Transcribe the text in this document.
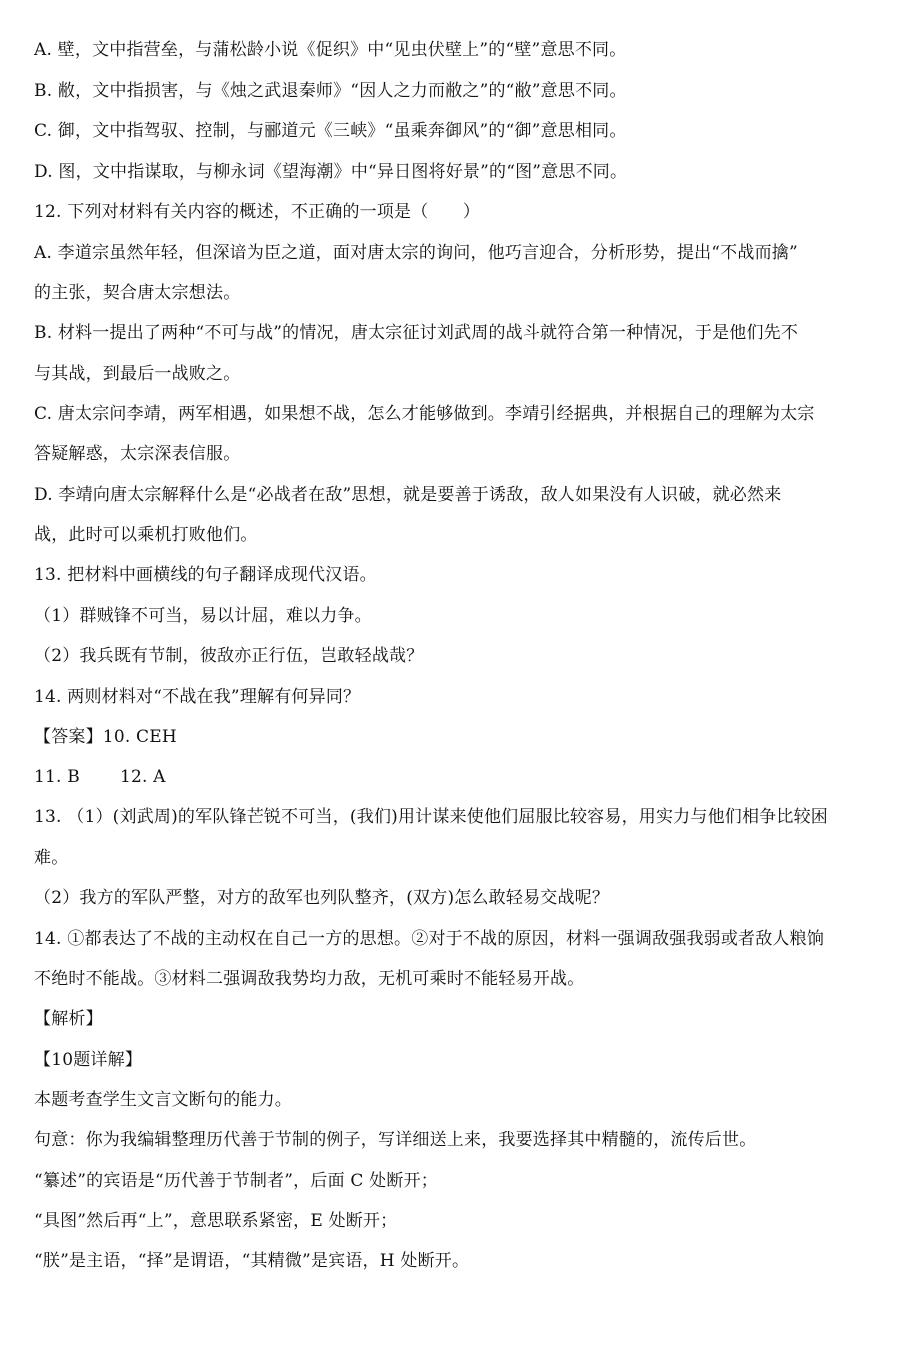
A. 壁，文中指营垒，与蒲松龄小说《促织》中“见虫伏壁上”的“壁”意思不同。
B. 敝，文中指损害，与《烛之武退秦师》“因人之力而敝之”的“敝”意思不同。
C. 御，文中指驾驭、控制，与郦道元《三峡》“虽乘奔御风”的“御”意思相同。
D. 图，文中指谋取，与柳永词《望海潮》中“异日图将好景”的“图”意思不同。
12. 下列对材料有关内容的概述，不正确的一项是（　　）
A. 李道宗虽然年轻，但深谙为臣之道，面对唐太宗的询问，他巧言迎合，分析形势，提出“不战而擒”
的主张，契合唐太宗想法。
B. 材料一提出了两种“不可与战”的情况，唐太宗征讨刘武周的战斗就符合第一种情况，于是他们先不
与其战，到最后一战败之。
C. 唐太宗问李靖，两军相遇，如果想不战，怎么才能够做到。李靖引经据典，并根据自己的理解为太宗
答疑解惑，太宗深表信服。
D. 李靖向唐太宗解释什么是“必战者在敌”思想，就是要善于诱敌，敌人如果没有人识破，就必然来
战，此时可以乘机打败他们。
13. 把材料中画横线的句子翻译成现代汉语。
（1）群贼锋不可当，易以计屈，难以力争。
（2）我兵既有节制，彼敌亦正行伍，岂敢轻战哉？
14. 两则材料对“不战在我”理解有何异同？
【答案】10. CEH
11. B 12. A
13. （1）(刘武周)的军队锋芒锐不可当，(我们)用计谋来使他们屈服比较容易，用实力与他们相争比较困
难。
（2）我方的军队严整，对方的敌军也列队整齐，(双方)怎么敢轻易交战呢？
14. ①都表达了不战的主动权在自己一方的思想。②对于不战的原因，材料一强调敌强我弱或者敌人粮饷
不绝时不能战。③材料二强调敌我势均力敌，无机可乘时不能轻易开战。
【解析】
【10题详解】
本题考查学生文言文断句的能力。
句意：你为我编辑整理历代善于节制的例子，写详细送上来，我要选择其中精髓的，流传后世。
“纂述”的宾语是“历代善于节制者”，后面 C 处断开；
“具图”然后再“上”，意思联系紧密，E 处断开；
“朕”是主语，“择”是谓语，“其精微”是宾语，H 处断开。
